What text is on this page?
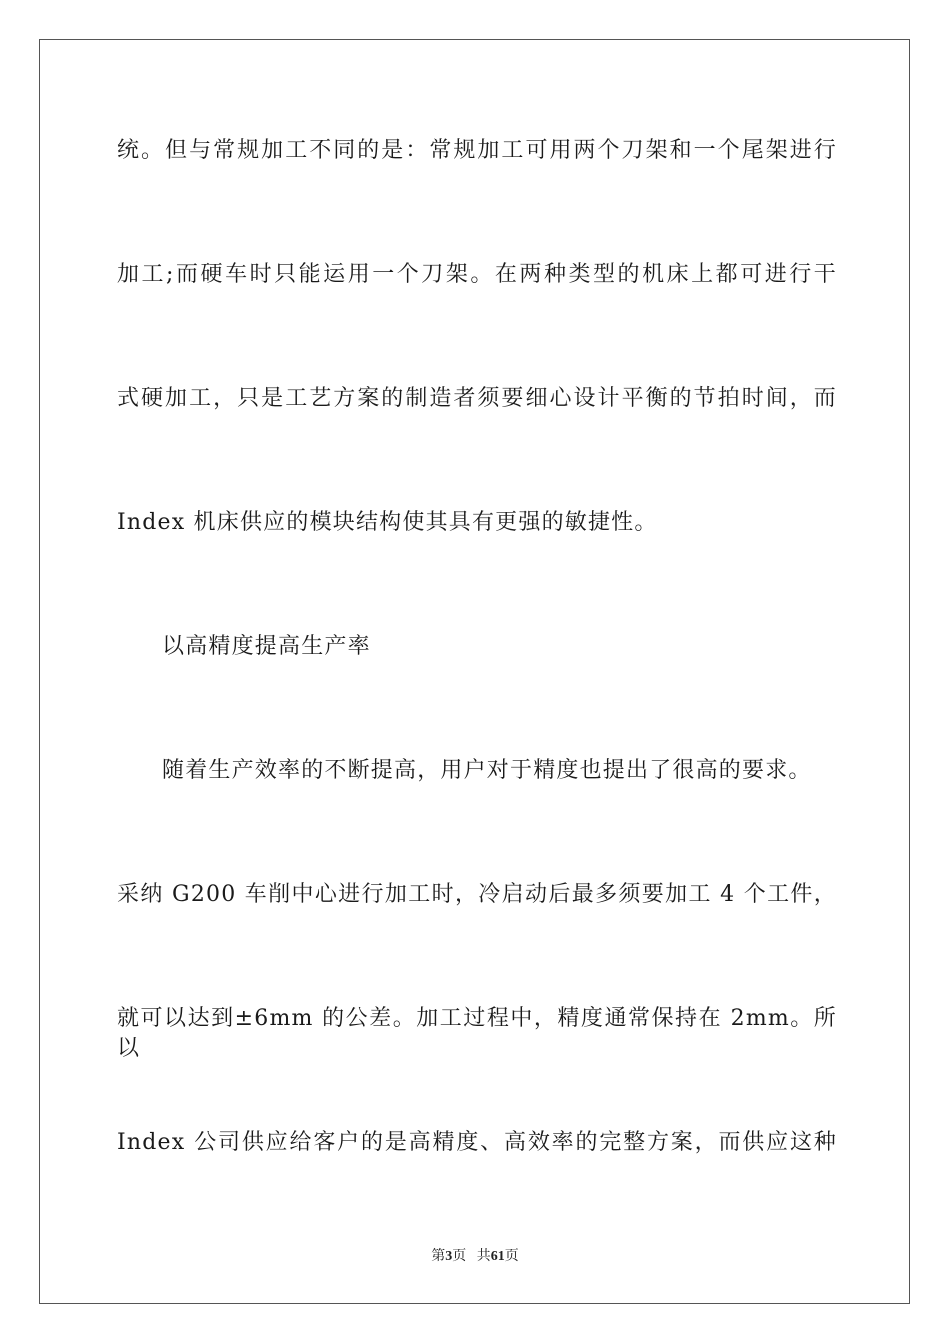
统。但与常规加工不同的是：常规加工可用两个刀架和一个尾架进行
加工;而硬车时只能运用一个刀架。在两种类型的机床上都可进行干
式硬加工，只是工艺方案的制造者须要细心设计平衡的节拍时间，而
Index 机床供应的模块结构使其具有更强的敏捷性。
以高精度提高生产率
随着生产效率的不断提高，用户对于精度也提出了很高的要求。
采纳 G200 车削中心进行加工时，冷启动后最多须要加工 4 个工件，
就可以达到±6mm 的公差。加工过程中，精度通常保持在 2mm。所以
Index 公司供应给客户的是高精度、高效率的完整方案，而供应这种
第3页 共61页
